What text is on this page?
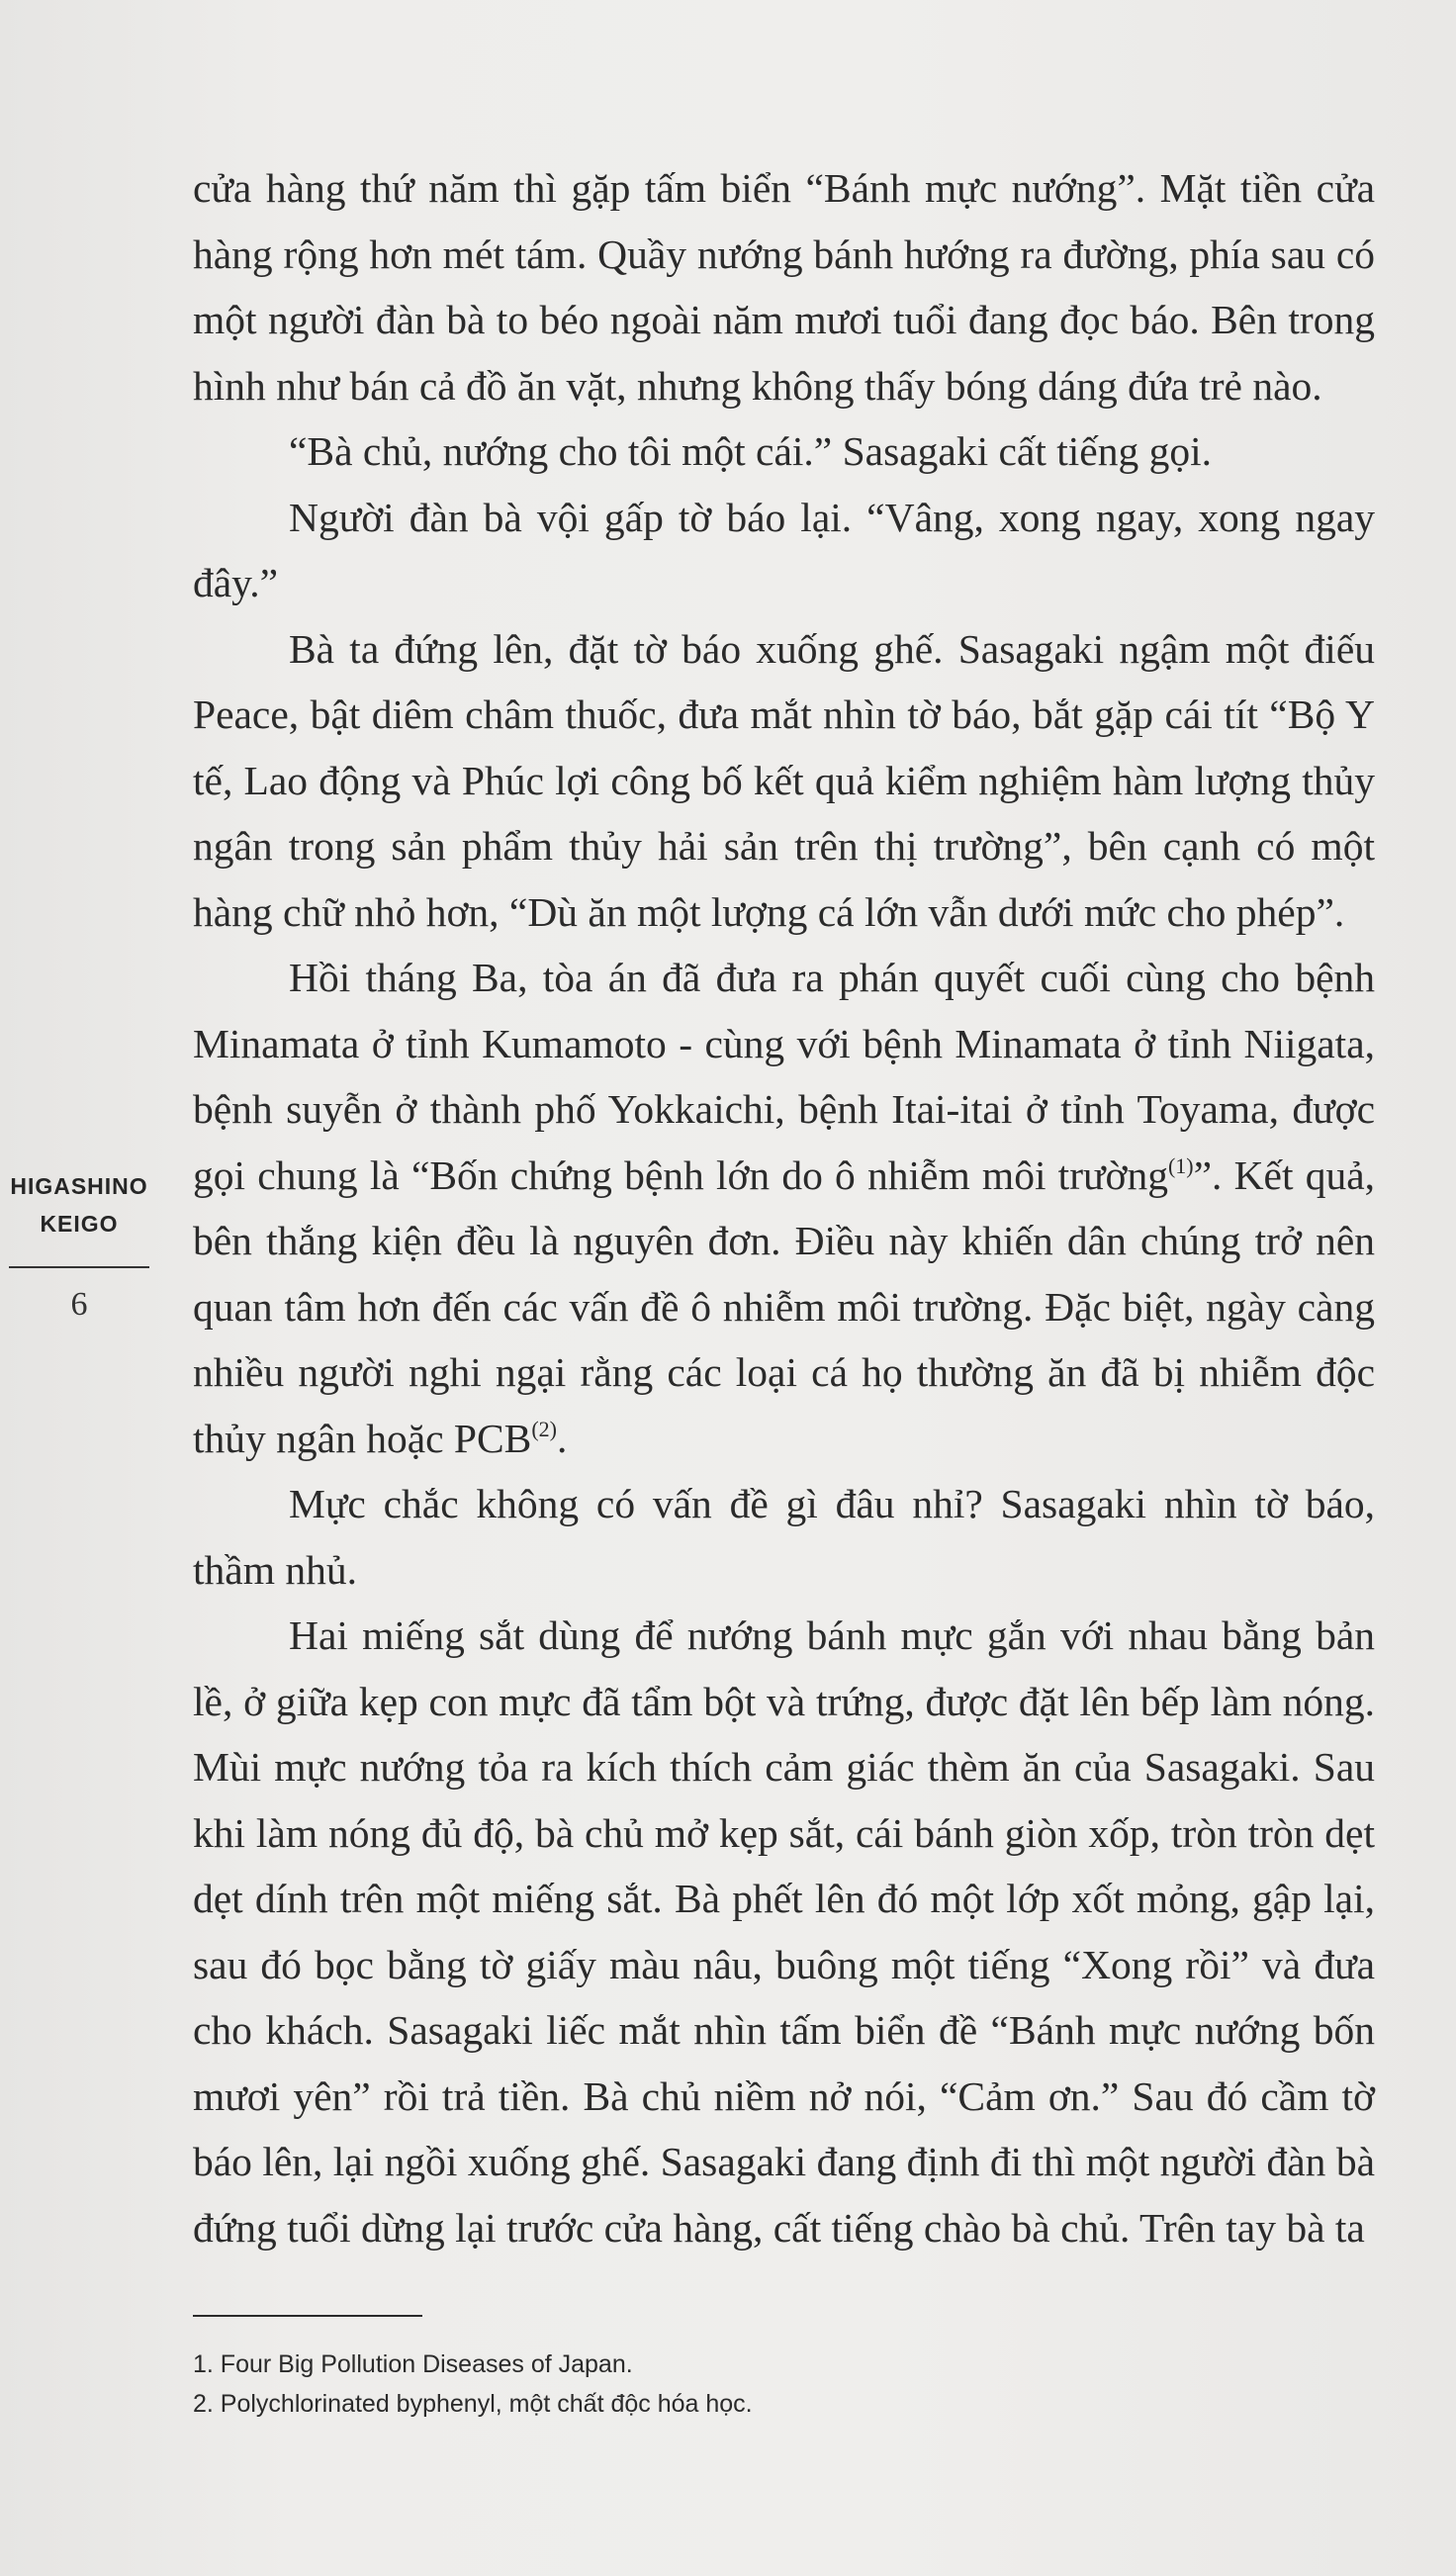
HIGASHINO
KEIGO
6

cửa hàng thứ năm thì gặp tấm biển “Bánh mực nướng”. Mặt tiền cửa hàng rộng hơn mét tám. Quầy nướng bánh hướng ra đường, phía sau có một người đàn bà to béo ngoài năm mươi tuổi đang đọc báo. Bên trong hình như bán cả đồ ăn vặt, nhưng không thấy bóng dáng đứa trẻ nào.

“Bà chủ, nướng cho tôi một cái.” Sasagaki cất tiếng gọi.

Người đàn bà vội gấp tờ báo lại. “Vâng, xong ngay, xong ngay đây.”

Bà ta đứng lên, đặt tờ báo xuống ghế. Sasagaki ngậm một điếu Peace, bật diêm châm thuốc, đưa mắt nhìn tờ báo, bắt gặp cái tít “Bộ Y tế, Lao động và Phúc lợi công bố kết quả kiểm nghiệm hàm lượng thủy ngân trong sản phẩm thủy hải sản trên thị trường”, bên cạnh có một hàng chữ nhỏ hơn, “Dù ăn một lượng cá lớn vẫn dưới mức cho phép”.

Hồi tháng Ba, tòa án đã đưa ra phán quyết cuối cùng cho bệnh Minamata ở tỉnh Kumamoto - cùng với bệnh Minamata ở tỉnh Niigata, bệnh suyễn ở thành phố Yokkaichi, bệnh Itai-itai ở tỉnh Toyama, được gọi chung là “Bốn chứng bệnh lớn do ô nhiễm môi trường$^{(1)}$”. Kết quả, bên thắng kiện đều là nguyên đơn. Điều này khiến dân chúng trở nên quan tâm hơn đến các vấn đề ô nhiễm môi trường. Đặc biệt, ngày càng nhiều người nghi ngại rằng các loại cá họ thường ăn đã bị nhiễm độc thủy ngân hoặc PCB$^{(2)}$.

Mực chắc không có vấn đề gì đâu nhỉ? Sasagaki nhìn tờ báo, thầm nhủ.

Hai miếng sắt dùng để nướng bánh mực gắn với nhau bằng bản lề, ở giữa kẹp con mực đã tẩm bột và trứng, được đặt lên bếp làm nóng. Mùi mực nướng tỏa ra kích thích cảm giác thèm ăn của Sasagaki. Sau khi làm nóng đủ độ, bà chủ mở kẹp sắt, cái bánh giòn xốp, tròn tròn dẹt dẹt dính trên một miếng sắt. Bà phết lên đó một lớp xốt mỏng, gập lại, sau đó bọc bằng tờ giấy màu nâu, buông một tiếng “Xong rồi” và đưa cho khách. Sasagaki liếc mắt nhìn tấm biển đề “Bánh mực nướng bốn mươi yên” rồi trả tiền. Bà chủ niềm nở nói, “Cảm ơn.” Sau đó cầm tờ báo lên, lại ngồi xuống ghế. Sasagaki đang định đi thì một người đàn bà đứng tuổi dừng lại trước cửa hàng, cất tiếng chào bà chủ. Trên tay bà ta

1. Four Big Pollution Diseases of Japan.
2. Polychlorinated byphenyl, một chất độc hóa học.
